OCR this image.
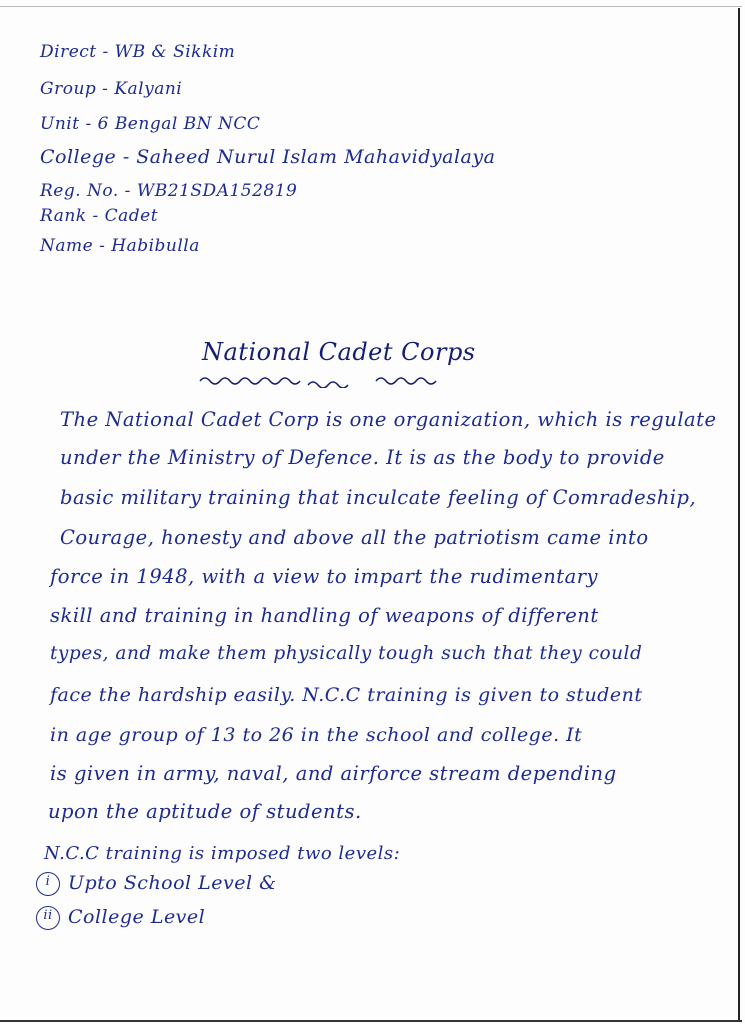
Direct - WB & Sikkim
Group - Kalyani
Unit - 6 Bengal BN NCC
College - Saheed Nurul Islam Mahavidyalaya
Reg. No. - WB21SDA152819
Rank - Cadet
Name - Habibulla
National Cadet Corps
The National Cadet Corp is one organization, which is regulate
under the Ministry of Defence. It is as the body to provide
basic military training that inculcate feeling of Comradeship,
Courage, honesty and above all the patriotism came into
force in 1948, with a view to impart the rudimentary
skill and training in handling of weapons of different
types, and make them physically tough such that they could
face the hardship easily. N.C.C training is given to student
in age group of 13 to 26 in the school and college. It
is given in army, naval, and airforce stream depending
upon the aptitude of students.
N.C.C training is imposed two levels:
i Upto School Level &
ii College Level
